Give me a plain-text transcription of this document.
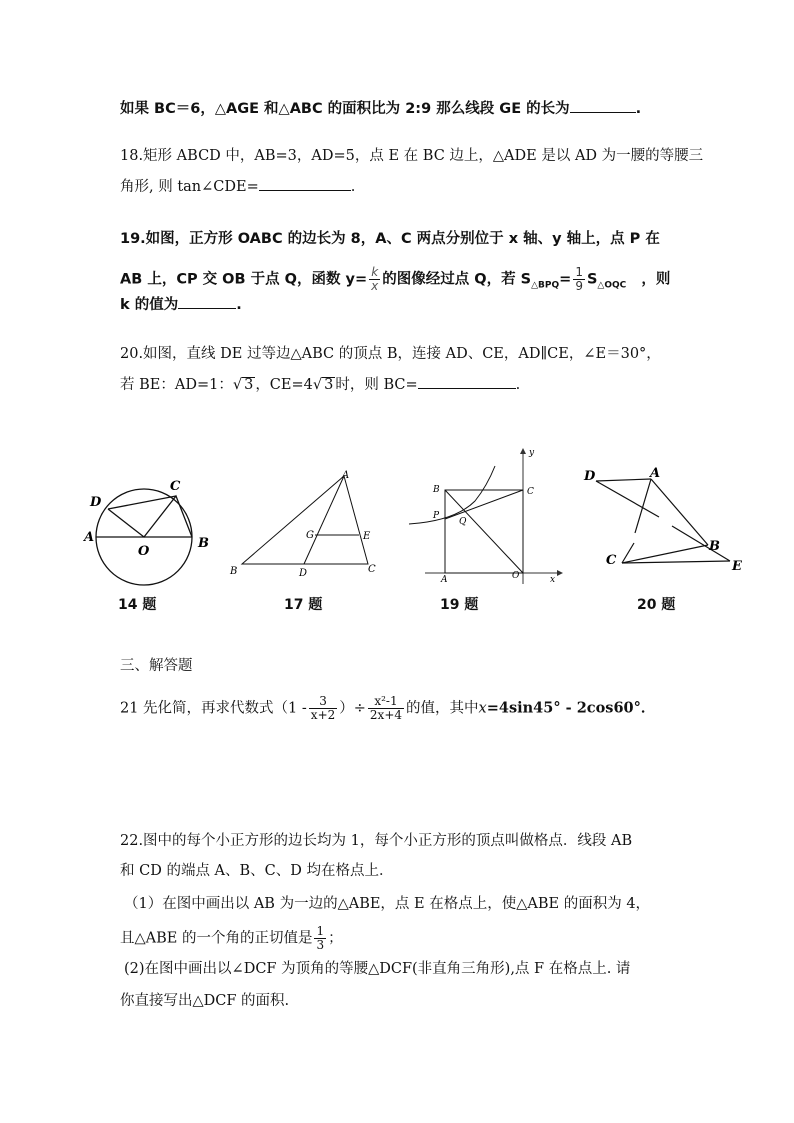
如果 BC＝6，△AGE 和△ABC 的面积比为 2:9 那么线段 GE 的长为	.
18.矩形 ABCD 中，AB=3，AD=5，点 E 在 BC 边上，△ADE 是以 AD 为一腰的等腰三
角形, 则 tan∠CDE=	.
19.如图，正方形 OABC 的边长为 8，A、C 两点分别位于 x 轴、y 轴上，点 P 在
AB 上，CP 交 OB 于点 Q，函数 $y= \frac{k}{x}$ 的图像经过点 Q，若 $S_{\triangle BPQ}= \frac{1}{9} S_{\triangle OQC}$ ，则
k 的值为	.
20.如图，直线 DE 过等边△ABC 的顶点 B，连接 AD、CE，AD∥CE，∠E＝30°，
若 BE：AD=1：√ 3 ，CE=4√ 3 时，则 BC=	.
A	B
C
D
O
14 题
A
B	C
D
G	E
17 题
B	C
P
Q
A	O	x
y
19 题
D	A
B
C	E
20 题
三、解答题
21 先化简，再求代数式（$1 - \frac{3}{x+2}$ ）÷ $\frac{\text{x²-1}}{2x+4}$ 的值，其中x=4sin45° - 2cos60°．
22.图中的每个小正方形的边长均为 1，每个小正方形的顶点叫做格点．线段 AB
和 CD 的端点 A、B、C、D 均在格点上．
（1）在图中画出以 AB 为一边的△ABE，点 E 在格点上，使△ABE 的面积为 4，
且△ABE 的一个角的正切值是 $\frac{1}{3}$ ；
(2)在图中画出以∠DCF 为顶角的等腰△DCF(非直角三角形),点 F 在格点上. 请
你直接写出△DCF 的面积.
